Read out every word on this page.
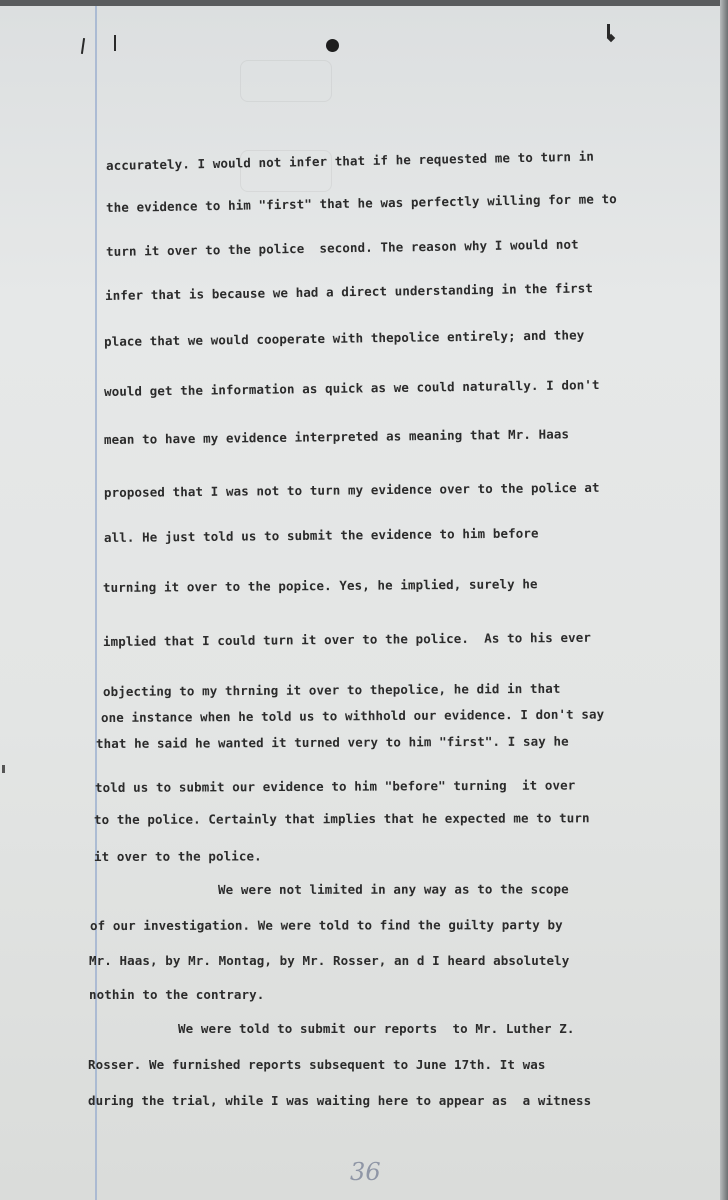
accurately. I would not infer that if he requested me to turn in
the evidence to him "first" that he was perfectly willing for me to
turn it over to the police  second. The reason why I would not
infer that is because we had a direct understanding in the first
place that we would cooperate with thepolice entirely; and they
would get the information as quick as we could naturally. I don't
mean to have my evidence interpreted as meaning that Mr. Haas
proposed that I was not to turn my evidence over to the police at
all. He just told us to submit the evidence to him before
turning it over to the popice. Yes, he implied, surely he
implied that I could turn it over to the police.  As to his ever
objecting to my thrning it over to thepolice, he did in that
one instance when he told us to withhold our evidence. I don't say
that he said he wanted it turned very to him "first". I say he
told us to submit our evidence to him "before" turning  it over
to the police. Certainly that implies that he expected me to turn
it over to the police.
We were not limited in any way as to the scope
of our investigation. We were told to find the guilty party by
Mr. Haas, by Mr. Montag, by Mr. Rosser, an d I heard absolutely
nothin to the contrary.
We were told to submit our reports  to Mr. Luther Z.
Rosser. We furnished reports subsequent to June 17th. It was
during the trial, while I was waiting here to appear as  a witness
36
